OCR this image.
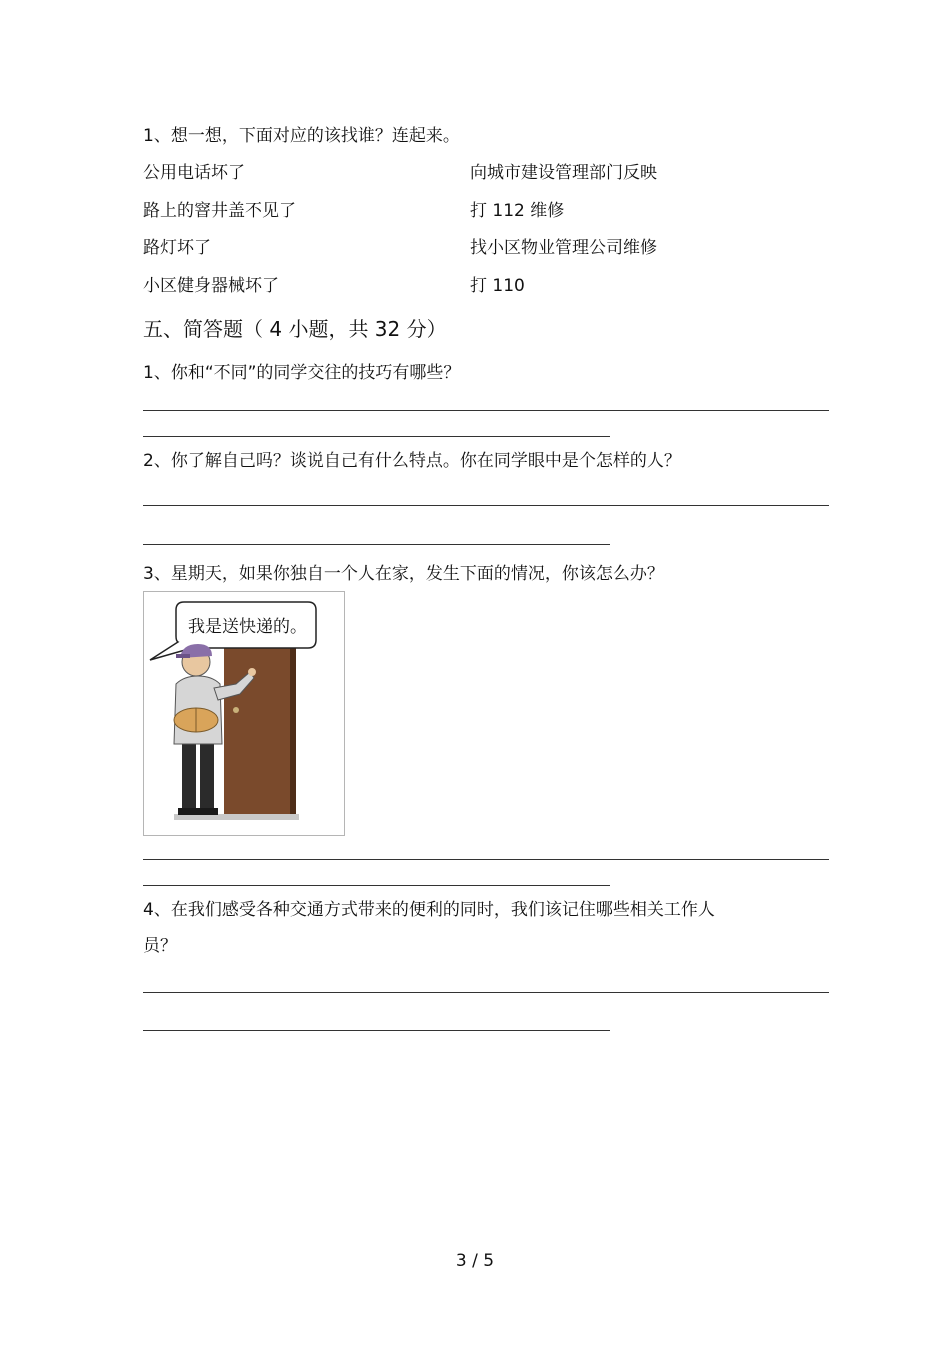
1、想一想，下面对应的该找谁？连起来。
公用电话坏了	向城市建设管理部门反映
路上的窨井盖不见了	打 112 维修
路灯坏了	找小区物业管理公司维修
小区健身器械坏了	打 110
五、简答题（ 4 小题，共 32 分）
1、你和“不同”的同学交往的技巧有哪些？
2、你了解自己吗？谈说自己有什么特点。你在同学眼中是个怎样的人？
3、星期天，如果你独自一个人在家，发生下面的情况，你该怎么办？
我是送快递的。
4、在我们感受各种交通方式带来的便利的同时，我们该记住哪些相关工作人
员？
3 / 5
